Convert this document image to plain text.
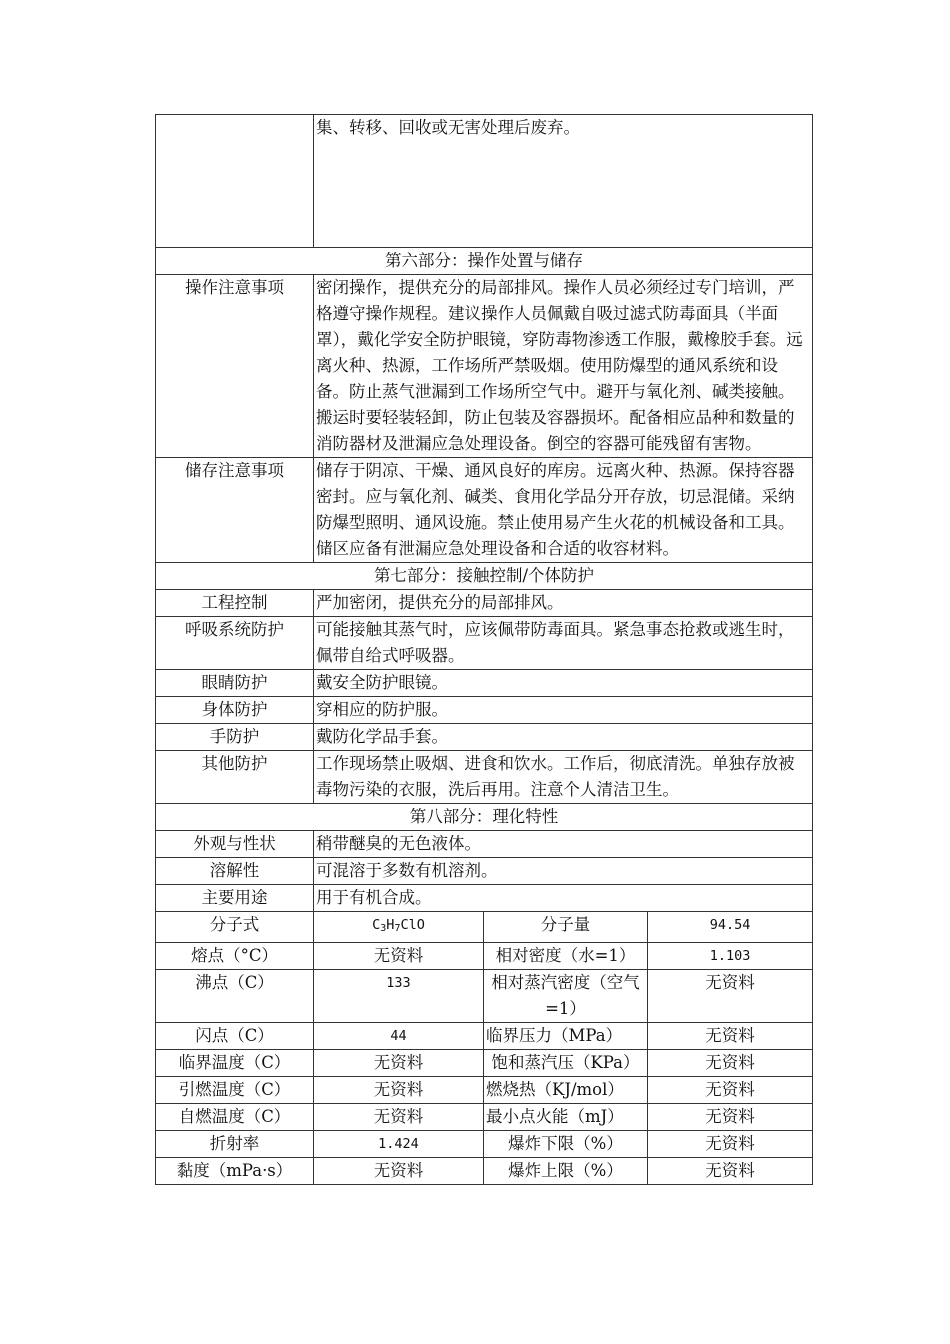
	集、转移、回收或无害处理后废弃。		
第六部分：操作处置与储存			
操作注意事项	密闭操作，提供充分的局部排风。操作人员必须经过专门培训，严格遵守操作规程。建议操作人员佩戴自吸过滤式防毒面具（半面罩），戴化学安全防护眼镜，穿防毒物渗透工作服，戴橡胶手套。远离火种、热源，工作场所严禁吸烟。使用防爆型的通风系统和设备。防止蒸气泄漏到工作场所空气中。避开与氧化剂、碱类接触。搬运时要轻装轻卸，防止包装及容器损坏。配备相应品种和数量的消防器材及泄漏应急处理设备。倒空的容器可能残留有害物。		
储存注意事项	储存于阴凉、干燥、通风良好的库房。远离火种、热源。保持容器密封。应与氧化剂、碱类、食用化学品分开存放，切忌混储。采纳防爆型照明、通风设施。禁止使用易产生火花的机械设备和工具。储区应备有泄漏应急处理设备和合适的收容材料。		
第七部分：接触控制/个体防护			
工程控制	严加密闭，提供充分的局部排风。		
呼吸系统防护	可能接触其蒸气时，应该佩带防毒面具。紧急事态抢救或逃生时，佩带自给式呼吸器。		
眼睛防护	戴安全防护眼镜。		
身体防护	穿相应的防护服。		
手防护	戴防化学品手套。		
其他防护	工作现场禁止吸烟、进食和饮水。工作后，彻底清洗。单独存放被毒物污染的衣服，洗后再用。注意个人清洁卫生。		
第八部分：理化特性			
外观与性状	稍带醚臭的无色液体。		
溶解性	可混溶于多数有机溶剂。		
主要用途	用于有机合成。		
分子式	$C_3H_7ClO$	分子量	94.54
熔点（°C）	无资料	相对密度（水=1）	1.103
沸点（C）	133	相对蒸汽密度（空气=1）	无资料
闪点（C）	44	临界压力（MPa）	无资料
临界温度（C）	无资料	饱和蒸汽压（KPa）	无资料
引燃温度（C）	无资料	燃烧热（KJ/mol）	无资料
自燃温度（C）	无资料	最小点火能（mJ）	无资料
折射率	1.424	爆炸下限（%）	无资料
黏度（mPa·s）	无资料	爆炸上限（%）	无资料
